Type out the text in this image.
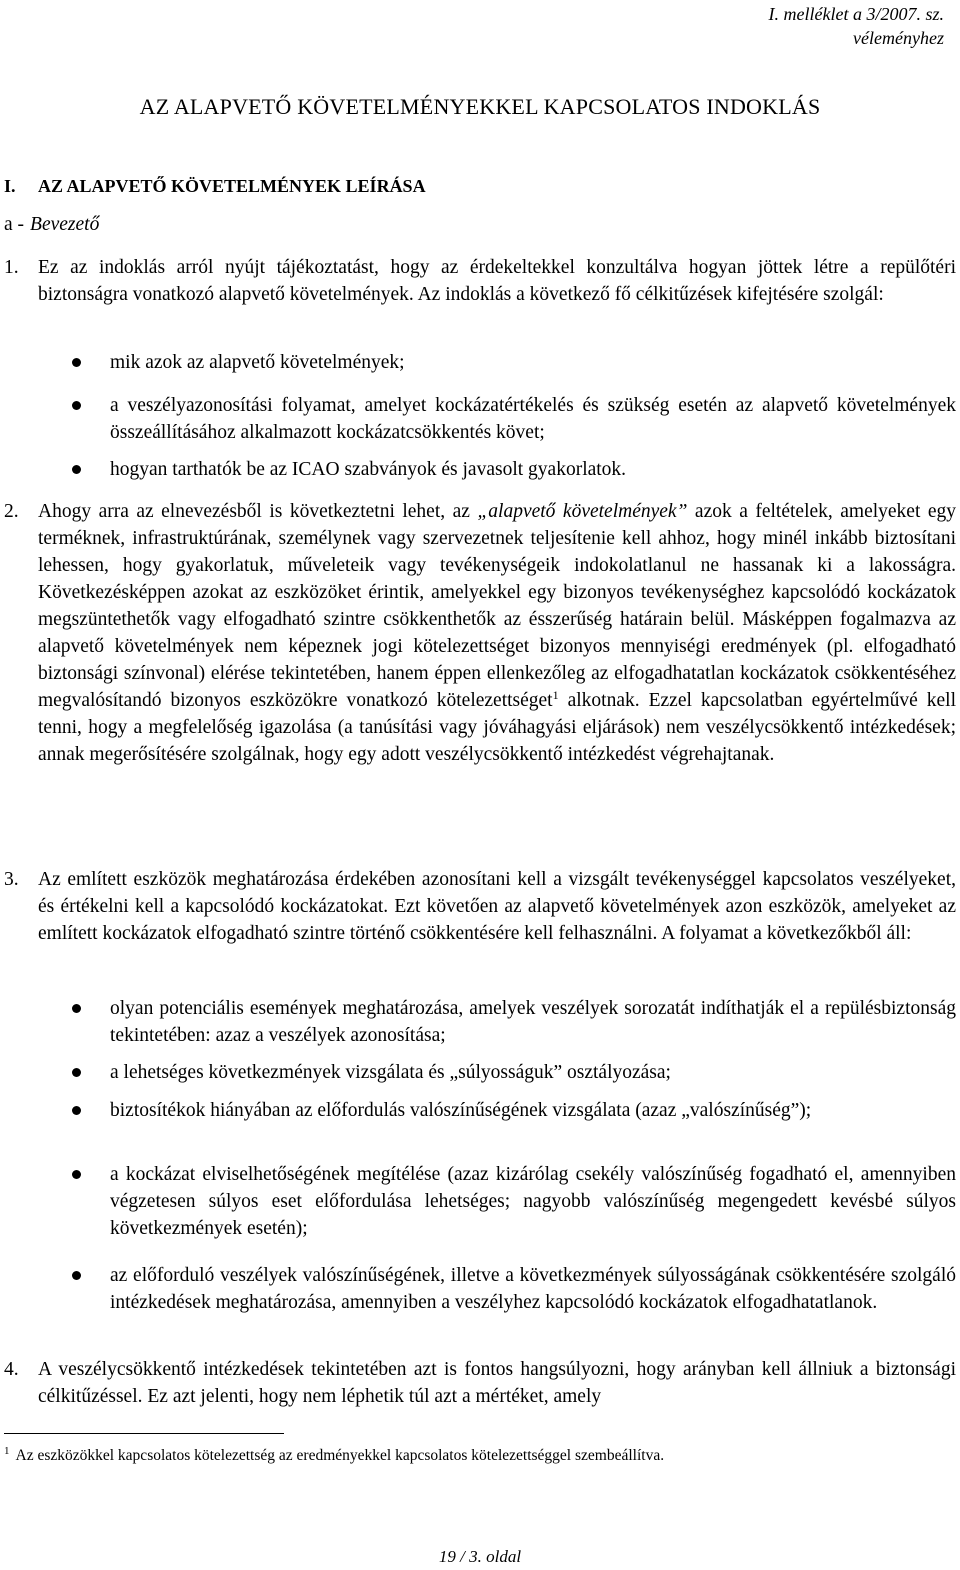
I. melléklet a 3/2007. sz.
véleményhez
AZ ALAPVETŐ KÖVETELMÉNYEKKEL KAPCSOLATOS INDOKLÁS
I. AZ ALAPVETŐ KÖVETELMÉNYEK LEÍRÁSA
a - Bevezető
1. Ez az indoklás arról nyújt tájékoztatást, hogy az érdekeltekkel konzultálva hogyan jöttek létre a repülőtéri biztonságra vonatkozó alapvető követelmények. Az indoklás a következő fő célkitűzések kifejtésére szolgál:
mik azok az alapvető követelmények;
a veszélyazonosítási folyamat, amelyet kockázatértékelés és szükség esetén az alapvető követelmények összeállításához alkalmazott kockázatcsökkentés követ;
hogyan tarthatók be az ICAO szabványok és javasolt gyakorlatok.
2. Ahogy arra az elnevezésből is következtetni lehet, az „alapvető követelmények” azok a feltételek, amelyeket egy terméknek, infrastruktúrának, személynek vagy szervezetnek teljesítenie kell ahhoz, hogy minél inkább biztosítani lehessen, hogy gyakorlatuk, műveleteik vagy tevékenységeik indokolatlanul ne hassanak ki a lakosságra. Következésképpen azokat az eszközöket érintik, amelyekkel egy bizonyos tevékenységhez kapcsolódó kockázatok megszüntethetők vagy elfogadható szintre csökkenthetők az ésszerűség határain belül. Másképpen fogalmazva az alapvető követelmények nem képeznek jogi kötelezettséget bizonyos mennyiségi eredmények (pl. elfogadható biztonsági színvonal) elérése tekintetében, hanem éppen ellenkezőleg az elfogadhatatlan kockázatok csökkentéséhez megvalósítandó bizonyos eszközökre vonatkozó kötelezettséget$^1$ alkotnak. Ezzel kapcsolatban egyértelművé kell tenni, hogy a megfelelőség igazolása (a tanúsítási vagy jóváhagyási eljárások) nem veszélycsökkentő intézkedések; annak megerősítésére szolgálnak, hogy egy adott veszélycsökkentő intézkedést végrehajtanak.
3. Az említett eszközök meghatározása érdekében azonosítani kell a vizsgált tevékenységgel kapcsolatos veszélyeket, és értékelni kell a kapcsolódó kockázatokat. Ezt követően az alapvető követelmények azon eszközök, amelyeket az említett kockázatok elfogadható szintre történő csökkentésére kell felhasználni. A folyamat a következőkből áll:
olyan potenciális események meghatározása, amelyek veszélyek sorozatát indíthatják el a repülésbiztonság tekintetében: azaz a veszélyek azonosítása;
a lehetséges következmények vizsgálata és „súlyosságuk” osztályozása;
biztosítékok hiányában az előfordulás valószínűségének vizsgálata (azaz „valószínűség”);
a kockázat elviselhetőségének megítélése (azaz kizárólag csekély valószínűség fogadható el, amennyiben végzetesen súlyos eset előfordulása lehetséges; nagyobb valószínűség megengedett kevésbé súlyos következmények esetén);
az előforduló veszélyek valószínűségének, illetve a következmények súlyosságának csökkentésére szolgáló intézkedések meghatározása, amennyiben a veszélyhez kapcsolódó kockázatok elfogadhatatlanok.
4. A veszélycsökkentő intézkedések tekintetében azt is fontos hangsúlyozni, hogy arányban kell állniuk a biztonsági célkitűzéssel. Ez azt jelenti, hogy nem léphetik túl azt a mértéket, amely
$^1$ Az eszközökkel kapcsolatos kötelezettség az eredményekkel kapcsolatos kötelezettséggel szembeállítva.
19 / 3. oldal
